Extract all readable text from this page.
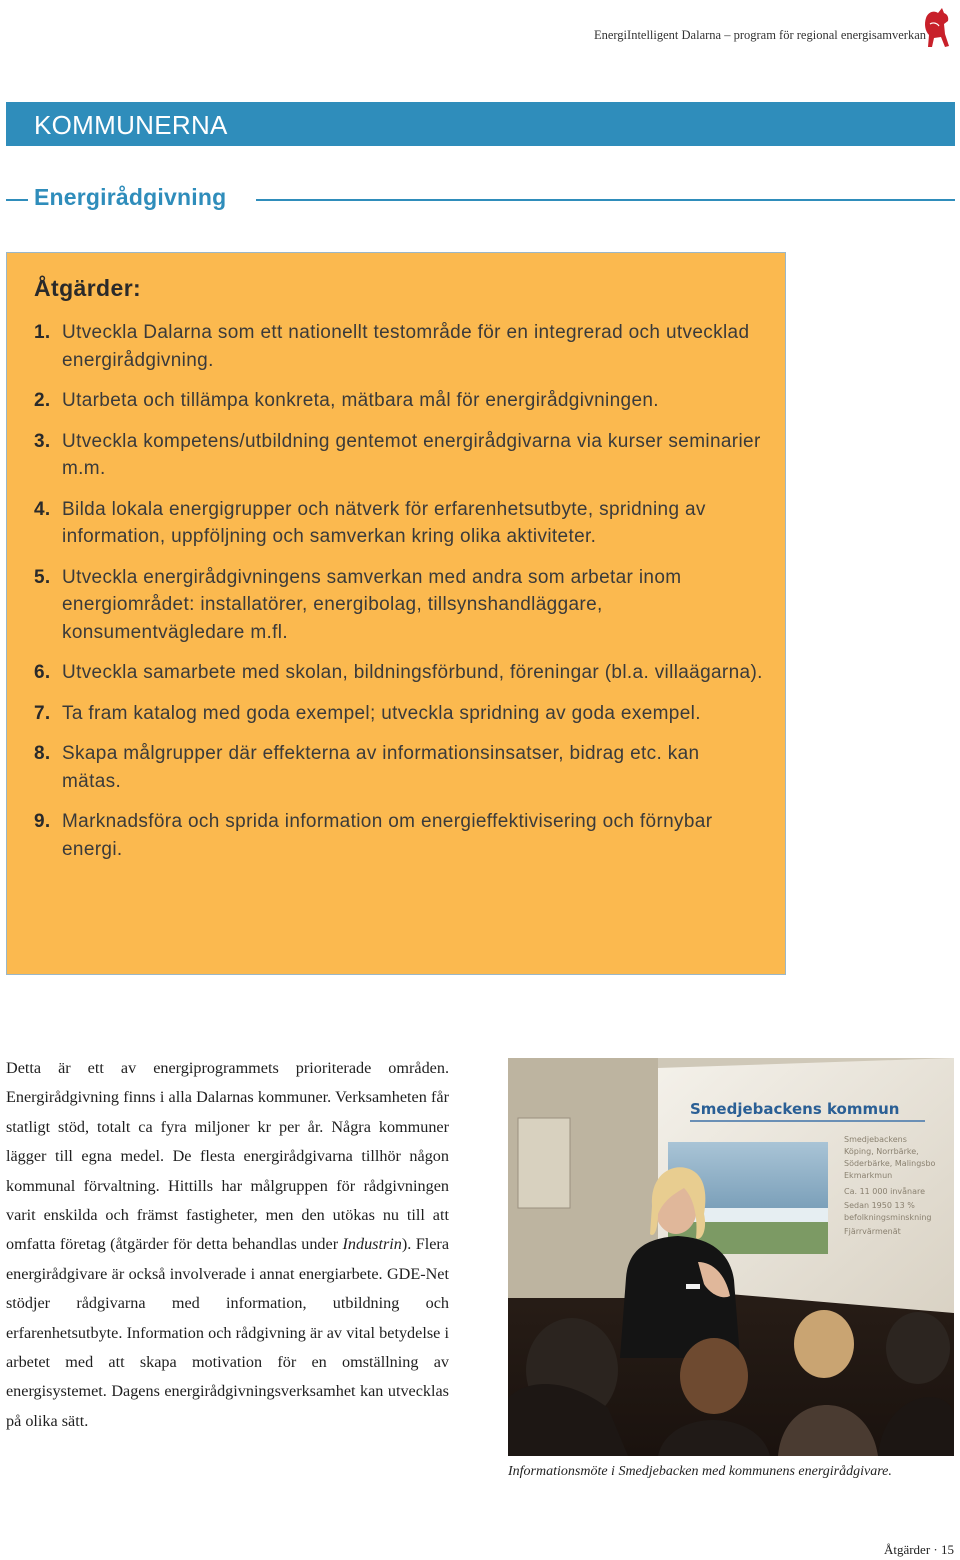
EnergiIntelligent Dalarna – program för regional energisamverkan
KOMMUNERNA
Energirådgivning
Åtgärder:
1. Utveckla Dalarna som ett nationellt testområde för en integrerad och utvecklad energirådgivning.
2. Utarbeta och tillämpa konkreta, mätbara mål för energirådgivningen.
3. Utveckla kompetens/utbildning gentemot energirådgivarna via kurser seminarier m.m.
4. Bilda lokala energigrupper och nätverk för erfarenhetsutbyte, spridning av information, uppföljning och samverkan kring olika aktiviteter.
5. Utveckla energirådgivningens samverkan med andra som arbetar inom energiområdet: installatörer, energibolag, tillsynshandläggare, konsumentvägledare m.fl.
6. Utveckla samarbete med skolan, bildningsförbund, föreningar (bl.a. villaägarna).
7. Ta fram katalog med goda exempel; utveckla spridning av goda exempel.
8. Skapa målgrupper där effekterna av informationsinsatser, bidrag etc. kan mätas.
9. Marknadsföra och sprida information om energieffektivisering och förnybar energi.

Detta är ett av energiprogrammets prioriterade områden. Energirådgivning finns i alla Dalarnas kommuner. Verksamheten får statligt stöd, totalt ca fyra miljoner kr per år. Några kommuner lägger till egna medel. De flesta energirådgivarna tillhör någon kommunal förvaltning. Hittills har målgruppen för rådgivningen varit enskilda och främst fastigheter, men den utökas nu till att omfatta företag (åtgärder för detta behandlas under Industrin). Flera energirådgivare är också involverade i annat energiarbete. GDE-Net stödjer rådgivarna med information, utbildning och erfarenhetsutbyte. Information och rådgivning är av vital betydelse i arbetet med att skapa motivation för en omställning av energisystemet. Dagens energirådgivningsverksamhet kan utvecklas på olika sätt.

Smedjebackens kommun
Smedjebackens
Köping, Norrbärke,
Söderbärke, Malingsbo
Ekmarkmun
Ca. 11 000 invånare
Sedan 1950 13 %
befolkningsminskning
Fjärrvärmenät
Informationsmöte i Smedjebacken med kommunens energirådgivare.
Åtgärder · 15
